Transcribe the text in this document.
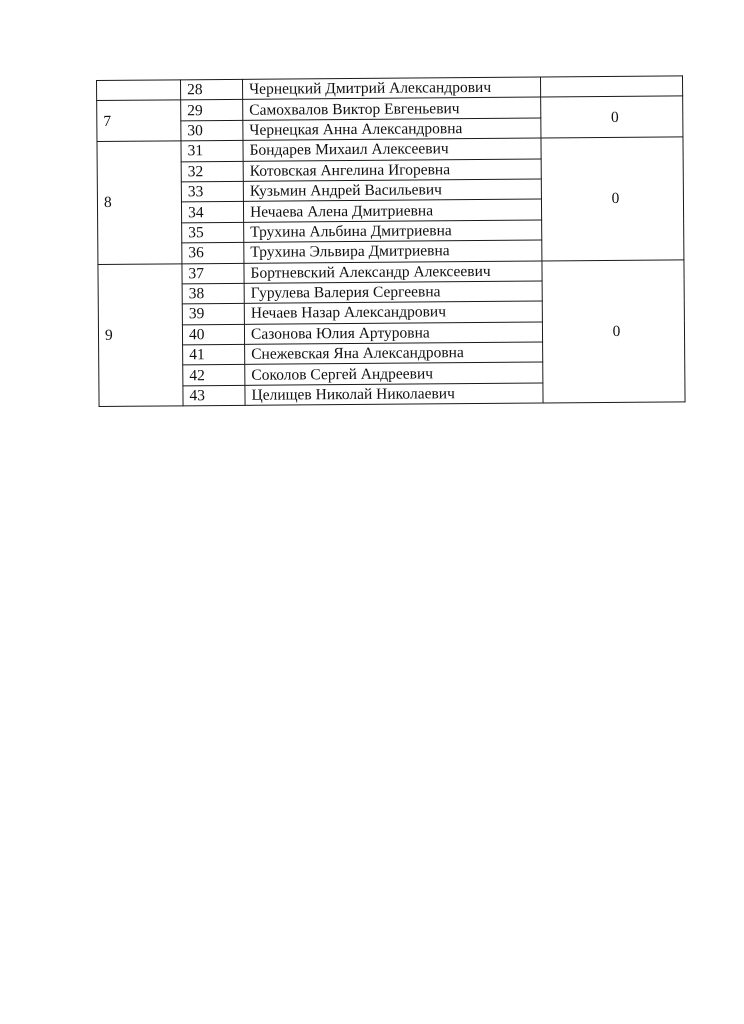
	28	Чернецкий Дмитрий Александрович	
7	29	Самохвалов Виктор Евгеньевич	0
	30	Чернецкая Анна Александровна	
8	31	Бондарев Михаил Алексеевич	0
	32	Котовская Ангелина Игоревна	
	33	Кузьмин Андрей Васильевич	
	34	Нечаева Алена Дмитриевна	
	35	Трухина Альбина Дмитриевна	
	36	Трухина Эльвира Дмитриевна	
9	37	Бортневский Александр Алексеевич	0
	38	Гурулева Валерия Сергеевна	
	39	Нечаев Назар Александрович	
	40	Сазонова Юлия Артуровна	
	41	Снежевская Яна Александровна	
	42	Соколов Сергей Андреевич	
	43	Целищев Николай Николаевич	
